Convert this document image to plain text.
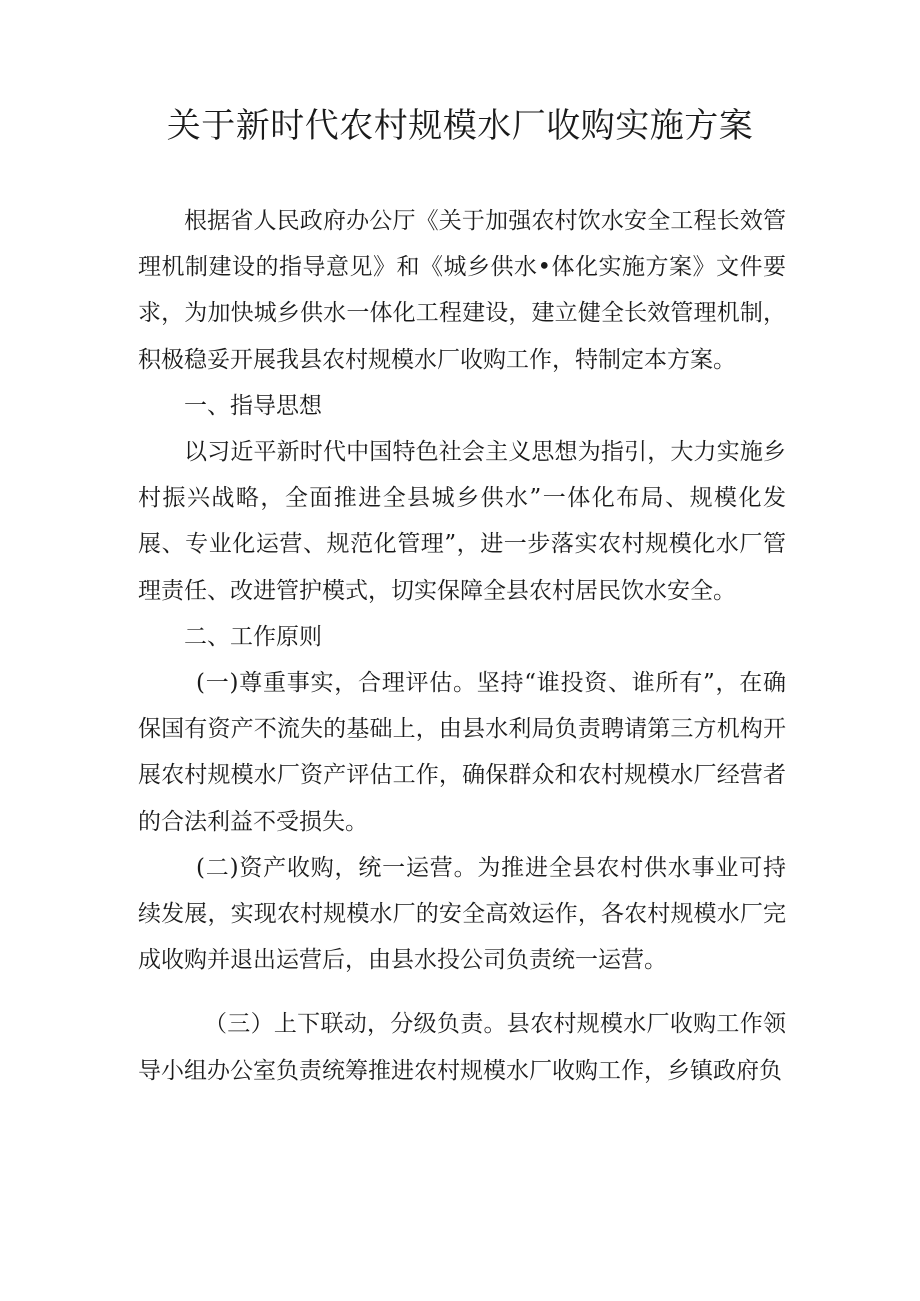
关于新时代农村规模水厂收购实施方案

根据省人民政府办公厅《关于加强农村饮水安全工程长效管理机制建设的指导意见》和《城乡供水•体化实施方案》文件要求，为加快城乡供水一体化工程建设，建立健全长效管理机制，积极稳妥开展我县农村规模水厂收购工作，特制定本方案。

一、指导思想

以习近平新时代中国特色社会主义思想为指引，大力实施乡村振兴战略，全面推进全县城乡供水”一体化布局、规模化发展、专业化运营、规范化管理”，进一步落实农村规模化水厂管理责任、改进管护模式，切实保障全县农村居民饮水安全。

二、工作原则

(一)尊重事实，合理评估。坚持“谁投资、谁所有”，在确保国有资产不流失的基础上，由县水利局负责聘请第三方机构开展农村规模水厂资产评估工作，确保群众和农村规模水厂经营者的合法利益不受损失。

(二)资产收购，统一运营。为推进全县农村供水事业可持续发展，实现农村规模水厂的安全高效运作，各农村规模水厂完成收购并退出运营后，由县水投公司负责统一运营。

（三）上下联动，分级负责。县农村规模水厂收购工作领导小组办公室负责统筹推进农村规模水厂收购工作，乡镇政府负
